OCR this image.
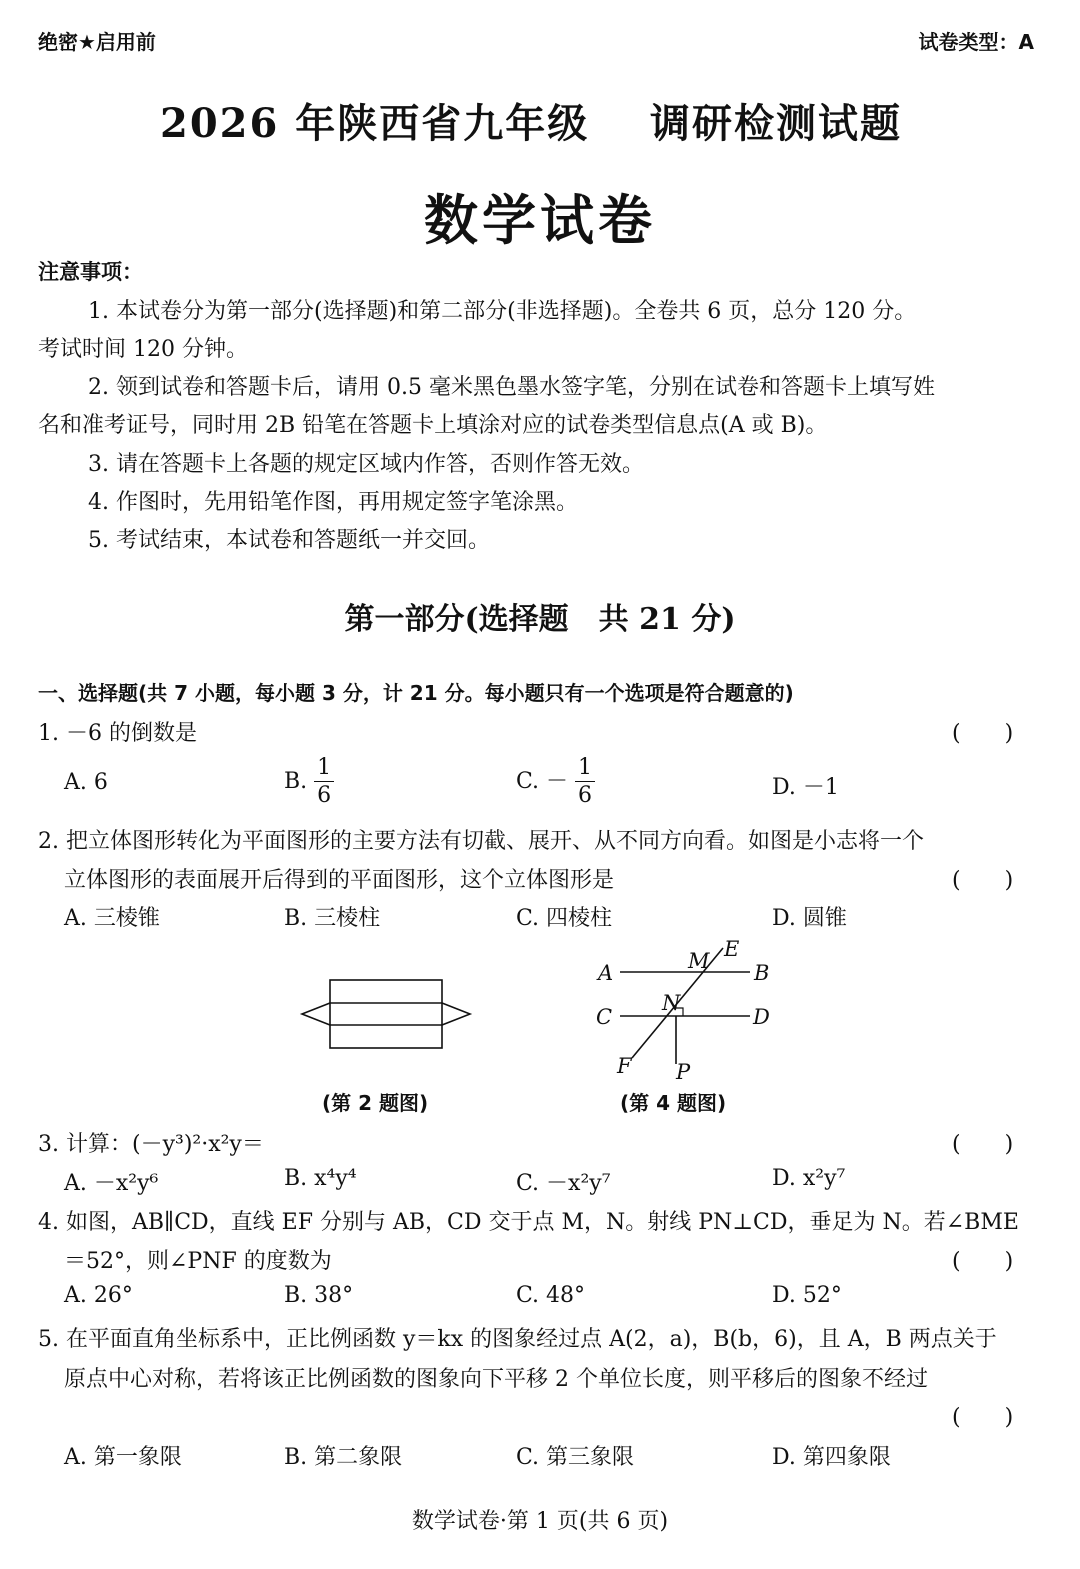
绝密★启用前	试卷类型：A
2026 年陕西省九年级 调研检测试题
数学试卷
注意事项：
1. 本试卷分为第一部分(选择题)和第二部分(非选择题)。全卷共 6 页，总分 120 分。
考试时间 120 分钟。
2. 领到试卷和答题卡后，请用 0.5 毫米黑色墨水签字笔，分别在试卷和答题卡上填写姓
名和准考证号，同时用 2B 铅笔在答题卡上填涂对应的试卷类型信息点(A 或 B)。
3. 请在答题卡上各题的规定区域内作答，否则作答无效。
4. 作图时，先用铅笔作图，再用规定签字笔涂黑。
5. 考试结束，本试卷和答题纸一并交回。
第一部分(选择题　共 21 分)
一、选择题(共 7 小题，每小题 3 分，计 21 分。每小题只有一个选项是符合题意的)
1. －6 的倒数是	(　　)
A. 6	B. $\frac{1}{6}$	C. － $\frac{1}{6}$	D. －1
2. 把立体图形转化为平面图形的主要方法有切截、展开、从不同方向看。如图是小志将一个
立体图形的表面展开后得到的平面图形，这个立体图形是	(　　)
A. 三棱锥	B. 三棱柱	C. 四棱柱	D. 圆锥
(第 2 题图)
A	B
C	D
E
F
M
N
P
(第 4 题图)
3. 计算：(－y³)²·x²y＝	(　　)
A. －x²y⁶	B. x⁴y⁴	C. －x²y⁷	D. x²y⁷
4. 如图，AB∥CD，直线 EF 分别与 AB，CD 交于点 M，N。射线 PN⊥CD，垂足为 N。若∠BME
＝52°，则∠PNF 的度数为	(　　)
A. 26°	B. 38°	C. 48°	D. 52°
5. 在平面直角坐标系中，正比例函数 y＝kx 的图象经过点 A(2，a)，B(b，6)，且 A，B 两点关于
原点中心对称，若将该正比例函数的图象向下平移 2 个单位长度，则平移后的图象不经过
(　　)
A. 第一象限	B. 第二象限	C. 第三象限	D. 第四象限
数学试卷·第 1 页(共 6 页)
